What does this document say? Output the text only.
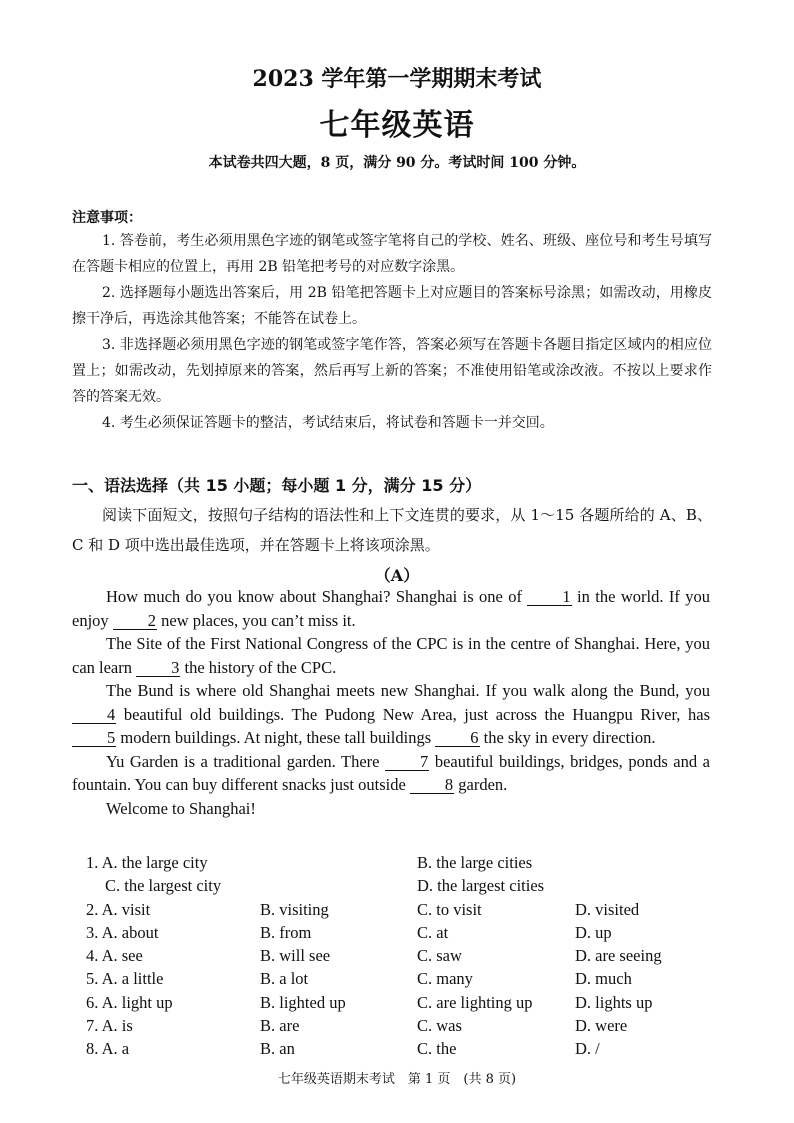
2023 学年第一学期期末考试
七年级英语
本试卷共四大题，8 页，满分 90 分。考试时间 100 分钟。
注意事项：

1. 答卷前，考生必须用黑色字迹的钢笔或签字笔将自己的学校、姓名、班级、座位号和考生号填写在答题卡相应的位置上，再用 2B 铅笔把考号的对应数字涂黑。

2. 选择题每小题选出答案后，用 2B 铅笔把答题卡上对应题目的答案标号涂黑；如需改动，用橡皮擦干净后，再选涂其他答案；不能答在试卷上。

3. 非选择题必须用黑色字迹的钢笔或签字笔作答，答案必须写在答题卡各题目指定区域内的相应位置上；如需改动，先划掉原来的答案，然后再写上新的答案；不准使用铅笔或涂改液。不按以上要求作答的答案无效。

4. 考生必须保证答题卡的整洁，考试结束后，将试卷和答题卡一并交回。

一、语法选择（共 15 小题；每小题 1 分，满分 15 分）
阅读下面短文，按照句子结构的语法性和上下文连贯的要求，从 1～15 各题所给的 A、B、C 和 D 项中选出最佳选项，并在答题卡上将该项涂黑。
（A）

How much do you know about Shanghai? Shanghai is one of 1 in the world. If you enjoy 2 new places, you can’t miss it.

The Site of the First National Congress of the CPC is in the centre of Shanghai. Here, you can learn 3 the history of the CPC.

The Bund is where old Shanghai meets new Shanghai. If you walk along the Bund, you 4 beautiful old buildings. The Pudong New Area, just across the Huangpu River, has 5 modern buildings. At night, these tall buildings 6 the sky in every direction.

Yu Garden is a traditional garden. There 7 beautiful buildings, bridges, ponds and a fountain. You can buy different snacks just outside 8 garden.

Welcome to Shanghai!

1. A. the large city	B. the large cities
C. the largest city	D. the largest cities
2. A. visit	B. visiting	C. to visit	D. visited
3. A. about	B. from	C. at	D. up
4. A. see	B. will see	C. saw	D. are seeing
5. A. a little	B. a lot	C. many	D. much
6. A. light up	B. lighted up	C. are lighting up	D. lights up
7. A. is	B. are	C. was	D. were
8. A. a	B. an	C. the	D. /
七年级英语期末考试　第 1 页　(共 8 页)
